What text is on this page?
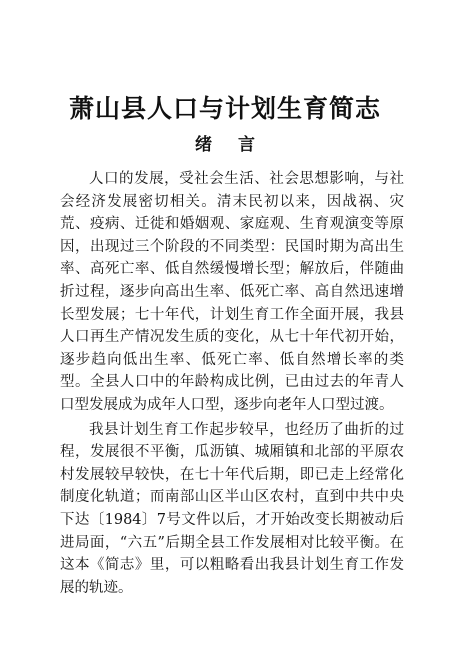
萧山县人口与计划生育简志
绪言

人口的发展，受社会生活、社会思想影响，与社会经济发展密切相关。清末民初以来，因战祸、灾荒、疫病、迁徙和婚姻观、家庭观、生育观演变等原因，出现过三个阶段的不同类型：民国时期为高出生率、高死亡率、低自然缓慢增长型；解放后，伴随曲折过程，逐步向高出生率、低死亡率、高自然迅速增长型发展；七十年代，计划生育工作全面开展，我县人口再生产情况发生质的变化，从七十年代初开始，逐步趋向低出生率、低死亡率、低自然增长率的类型。全县人口中的年龄构成比例，已由过去的年青人口型发展成为成年人口型，逐步向老年人口型过渡。

我县计划生育工作起步较早，也经历了曲折的过程，发展很不平衡，瓜沥镇、城厢镇和北部的平原农村发展较早较快，在七十年代后期，即已走上经常化制度化轨道；而南部山区半山区农村，直到中共中央下达〔1984〕7号文件以后，才开始改变长期被动后进局面，“六五”后期全县工作发展相对比较平衡。在这本《简志》里，可以粗略看出我县计划生育工作发展的轨迹。
